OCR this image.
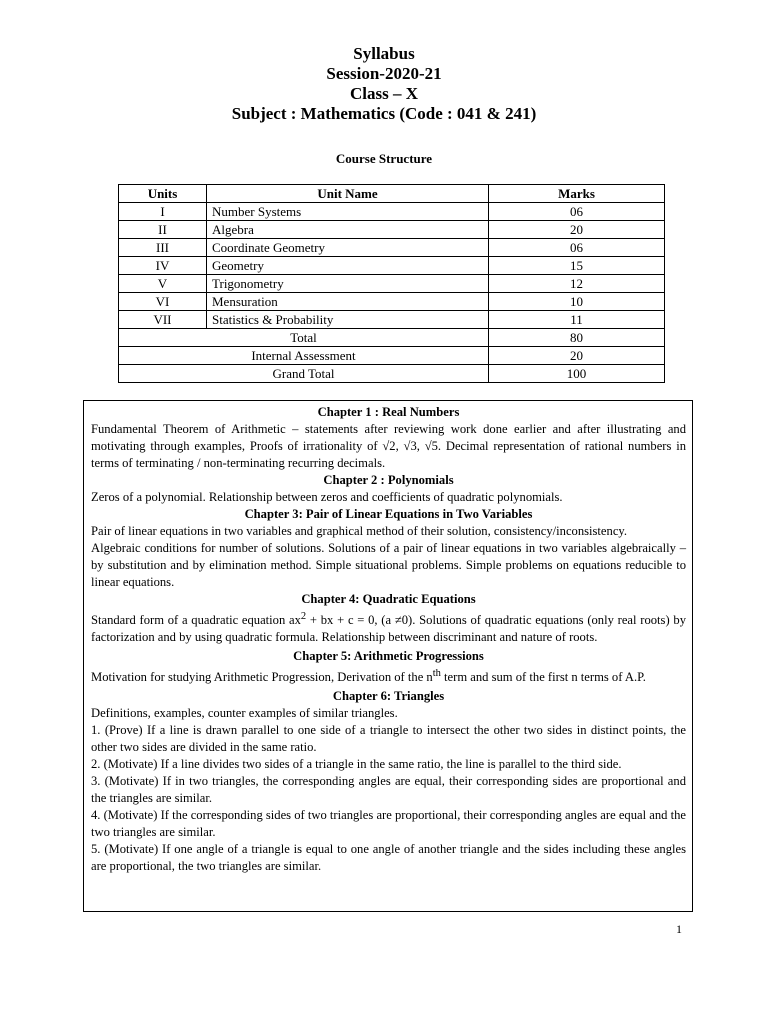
Syllabus
Session-2020-21
Class – X
Subject : Mathematics (Code : 041 & 241)
Course Structure
Units	Unit Name	Marks
I	Number Systems	06
II	Algebra	20
III	Coordinate Geometry	06
IV	Geometry	15
V	Trigonometry	12
VI	Mensuration	10
VII	Statistics & Probability	11
Total		80
Internal Assessment		20
Grand Total		100
Chapter 1 : Real Numbers

Fundamental Theorem of Arithmetic – statements after reviewing work done earlier and after illustrating and motivating through examples, Proofs of irrationality of √2, √3, √5. Decimal representation of rational numbers in terms of terminating / non-terminating recurring decimals.

Chapter 2 : Polynomials

Zeros of a polynomial. Relationship between zeros and coefficients of quadratic polynomials.

Chapter 3: Pair of Linear Equations in Two Variables

Pair of linear equations in two variables and graphical method of their solution, consistency/inconsistency.

Algebraic conditions for number of solutions. Solutions of a pair of linear equations in two variables algebraically – by substitution and by elimination method. Simple situational problems. Simple problems on equations reducible to linear equations.

Chapter 4: Quadratic Equations

Standard form of a quadratic equation $ax^2$ + bx + c = 0, (a ≠0). Solutions of quadratic equations (only real roots) by factorization and by using quadratic formula. Relationship between discriminant and nature of roots.

Chapter 5: Arithmetic Progressions

Motivation for studying Arithmetic Progression, Derivation of the $n^{th}$ term and sum of the first n terms of A.P.

Chapter 6: Triangles

Definitions, examples, counter examples of similar triangles.

1. (Prove) If a line is drawn parallel to one side of a triangle to intersect the other two sides in distinct points, the other two sides are divided in the same ratio.

2. (Motivate) If a line divides two sides of a triangle in the same ratio, the line is parallel to the third side.

3. (Motivate) If in two triangles, the corresponding angles are equal, their corresponding sides are proportional and the triangles are similar.

4. (Motivate) If the corresponding sides of two triangles are proportional, their corresponding angles are equal and the two triangles are similar.

5. (Motivate) If one angle of a triangle is equal to one angle of another triangle and the sides including these angles are proportional, the two triangles are similar.

1
